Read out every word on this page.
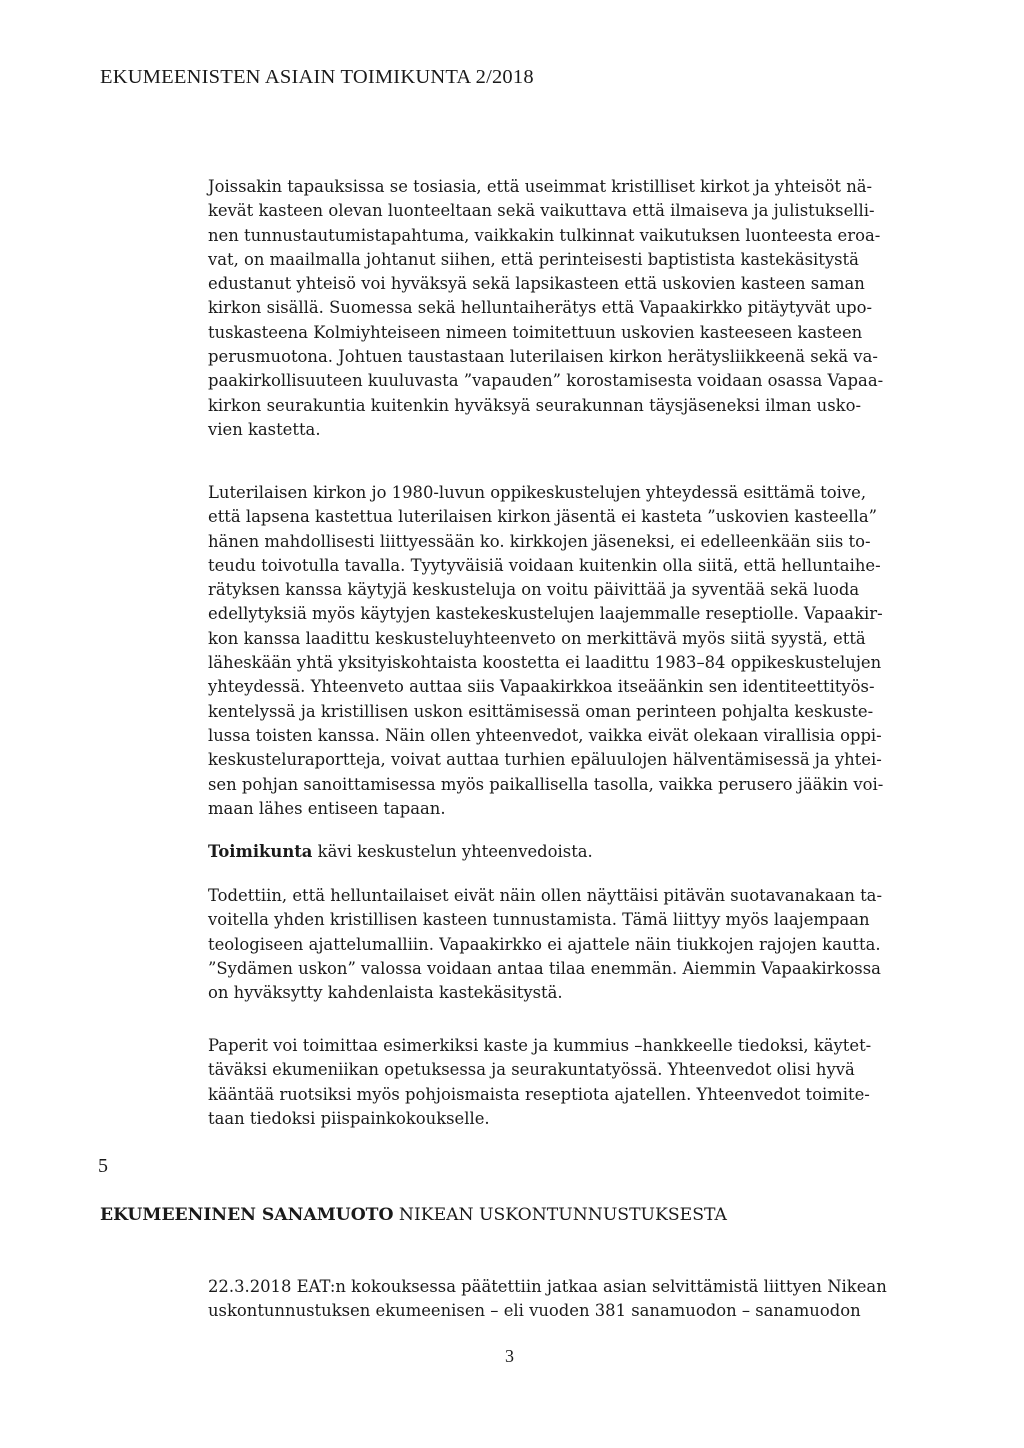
EKUMEENISTEN ASIAIN TOIMIKUNTA 2/2018

Joissakin tapauksissa se tosiasia, että useimmat kristilliset kirkot ja yhteisöt nä-
kevät kasteen olevan luonteeltaan sekä vaikuttava että ilmaiseva ja julistukselli-
nen tunnustautumistapahtuma, vaikkakin tulkinnat vaikutuksen luonteesta eroa-
vat, on maailmalla johtanut siihen, että perinteisesti baptistista kastekäsitystä
edustanut yhteisö voi hyväksyä sekä lapsikasteen että uskovien kasteen saman
kirkon sisällä. Suomessa sekä helluntaiherätys että Vapaakirkko pitäytyvät upo-
tuskasteena Kolmiyhteiseen nimeen toimitettuun uskovien kasteeseen kasteen
perusmuotona. Johtuen taustastaan luterilaisen kirkon herätysliikkeenä sekä va-
paakirkollisuuteen kuuluvasta ”vapauden” korostamisesta voidaan osassa Vapaa-
kirkon seurakuntia kuitenkin hyväksyä seurakunnan täysjäseneksi ilman usko-
vien kastetta.

Luterilaisen kirkon jo 1980-luvun oppikeskustelujen yhteydessä esittämä toive,
että lapsena kastettua luterilaisen kirkon jäsentä ei kasteta ”uskovien kasteella”
hänen mahdollisesti liittyessään ko. kirkkojen jäseneksi, ei edelleenkään siis to-
teudu toivotulla tavalla. Tyytyväisiä voidaan kuitenkin olla siitä, että helluntaihe-
rätyksen kanssa käytyjä keskusteluja on voitu päivittää ja syventää sekä luoda
edellytyksiä myös käytyjen kastekeskustelujen laajemmalle reseptiolle. Vapaakir-
kon kanssa laadittu keskusteluyhteenveto on merkittävä myös siitä syystä, että
läheskään yhtä yksityiskohtaista koostetta ei laadittu 1983–84 oppikeskustelujen
yhteydessä. Yhteenveto auttaa siis Vapaakirkkoa itseäänkin sen identiteettityös-
kentelyssä ja kristillisen uskon esittämisessä oman perinteen pohjalta keskuste-
lussa toisten kanssa. Näin ollen yhteenvedot, vaikka eivät olekaan virallisia oppi-
keskusteluraportteja, voivat auttaa turhien epäluulojen hälventämisessä ja yhtei-
sen pohjan sanoittamisessa myös paikallisella tasolla, vaikka perusero jääkin voi-
maan lähes entiseen tapaan.

Toimikunta kävi keskustelun yhteenvedoista.

Todettiin, että helluntailaiset eivät näin ollen näyttäisi pitävän suotavanakaan ta-
voitella yhden kristillisen kasteen tunnustamista. Tämä liittyy myös laajempaan
teologiseen ajattelumalliin. Vapaakirkko ei ajattele näin tiukkojen rajojen kautta.
”Sydämen uskon” valossa voidaan antaa tilaa enemmän. Aiemmin Vapaakirkossa
on hyväksytty kahdenlaista kastekäsitystä.

Paperit voi toimittaa esimerkiksi kaste ja kummius –hankkeelle tiedoksi, käytet-
täväksi ekumeniikan opetuksessa ja seurakuntatyössä. Yhteenvedot olisi hyvä
kääntää ruotsiksi myös pohjoismaista reseptiota ajatellen. Yhteenvedot toimite-
taan tiedoksi piispainkokoukselle.

5
EKUMEENINEN SANAMUOTO NIKEAN USKONTUNNUSTUKSESTA

22.3.2018 EAT:n kokouksessa päätettiin jatkaa asian selvittämistä liittyen Nikean
uskontunnustuksen ekumeenisen – eli vuoden 381 sanamuodon – sanamuodon

3
